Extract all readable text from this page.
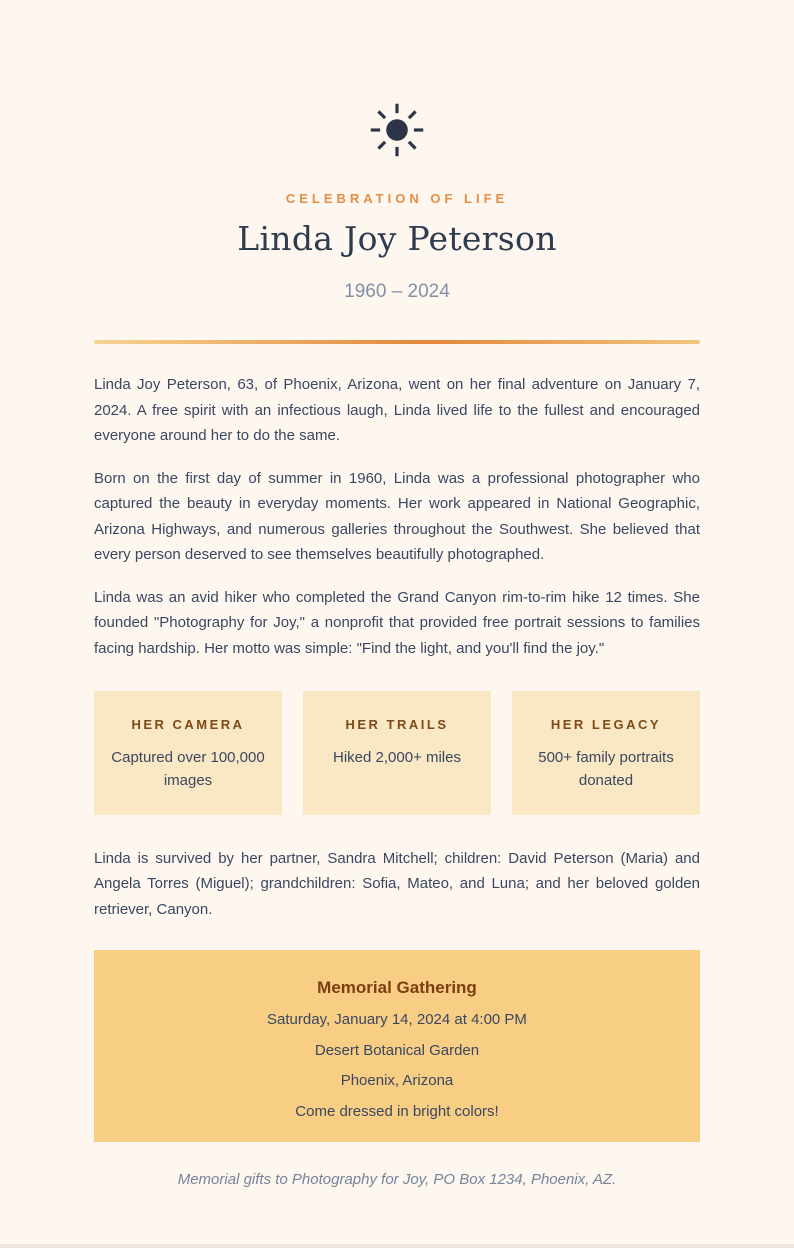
CELEBRATION OF LIFE
Linda Joy Peterson
1960 – 2024

Linda Joy Peterson, 63, of Phoenix, Arizona, went on her final adventure on January 7, 2024. A free spirit with an infectious laugh, Linda lived life to the fullest and encouraged everyone around her to do the same.

Born on the first day of summer in 1960, Linda was a professional photographer who captured the beauty in everyday moments. Her work appeared in National Geographic, Arizona Highways, and numerous galleries throughout the Southwest. She believed that every person deserved to see themselves beautifully photographed.

Linda was an avid hiker who completed the Grand Canyon rim-to-rim hike 12 times. She founded "Photography for Joy," a nonprofit that provided free portrait sessions to families facing hardship. Her motto was simple: "Find the light, and you'll find the joy."

HER CAMERA
Captured over 100,000 images
HER TRAILS
Hiked 2,000+ miles
HER LEGACY
500+ family portraits donated

Linda is survived by her partner, Sandra Mitchell; children: David Peterson (Maria) and Angela Torres (Miguel); grandchildren: Sofia, Mateo, and Luna; and her beloved golden retriever, Canyon.

Memorial Gathering
Saturday, January 14, 2024 at 4:00 PM
Desert Botanical Garden
Phoenix, Arizona
Come dressed in bright colors!

Memorial gifts to Photography for Joy, PO Box 1234, Phoenix, AZ.
